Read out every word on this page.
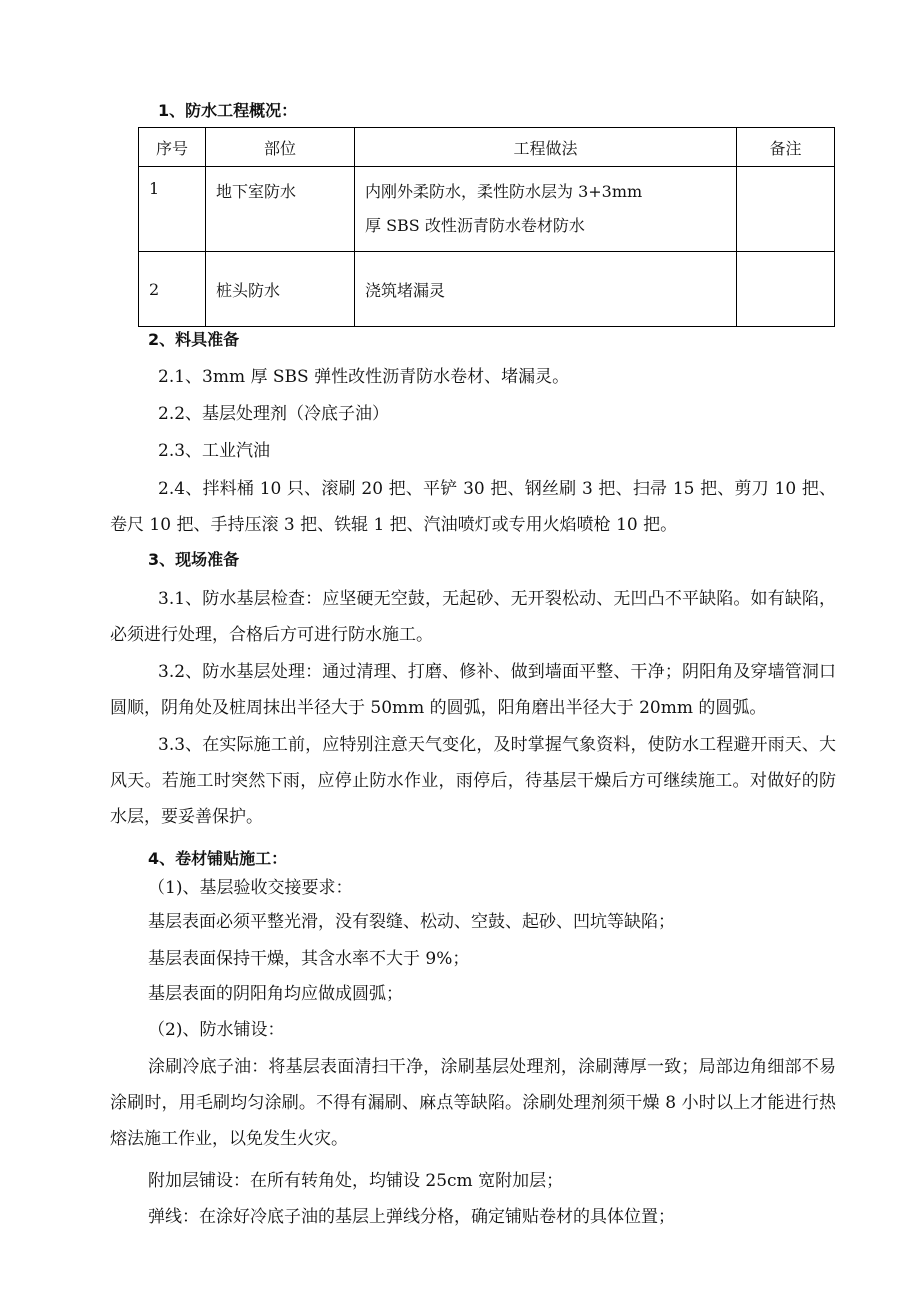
1、防水工程概况：
序号	部位	工程做法	备注
1	地下室防水	内刚外柔防水，柔性防水层为 3+3mm
厚 SBS 改性沥青防水卷材防水	

2	桩头防水	浇筑堵漏灵	
2、料具准备
2.1、3mm 厚 SBS 弹性改性沥青防水卷材、堵漏灵。
2.2、基层处理剂（冷底子油）
2.3、工业汽油
2.4、拌料桶 10 只、滚刷 20 把、平铲 30 把、钢丝刷 3 把、扫帚 15 把、剪刀 10 把、卷尺 10 把、手持压滚 3 把、铁辊 1 把、汽油喷灯或专用火焰喷枪 10 把。
3、现场准备
3.1、防水基层检查：应坚硬无空鼓，无起砂、无开裂松动、无凹凸不平缺陷。如有缺陷，必须进行处理，合格后方可进行防水施工。
3.2、防水基层处理：通过清理、打磨、修补、做到墙面平整、干净；阴阳角及穿墙管洞口圆顺，阴角处及桩周抹出半径大于 50mm 的圆弧，阳角磨出半径大于 20mm 的圆弧。
3.3、在实际施工前，应特别注意天气变化，及时掌握气象资料，使防水工程避开雨天、大风天。若施工时突然下雨，应停止防水作业，雨停后，待基层干燥后方可继续施工。对做好的防水层，要妥善保护。
4、卷材铺贴施工：
（1)、基层验收交接要求：
基层表面必须平整光滑，没有裂缝、松动、空鼓、起砂、凹坑等缺陷；
基层表面保持干燥，其含水率不大于 9%；
基层表面的阴阳角均应做成圆弧；
（2)、防水铺设：
涂刷冷底子油：将基层表面清扫干净，涂刷基层处理剂，涂刷薄厚一致；局部边角细部不易涂刷时，用毛刷均匀涂刷。不得有漏刷、麻点等缺陷。涂刷处理剂须干燥 8 小时以上才能进行热熔法施工作业，以免发生火灾。
附加层铺设：在所有转角处，均铺设 25cm 宽附加层；
弹线：在涂好冷底子油的基层上弹线分格，确定铺贴卷材的具体位置；
